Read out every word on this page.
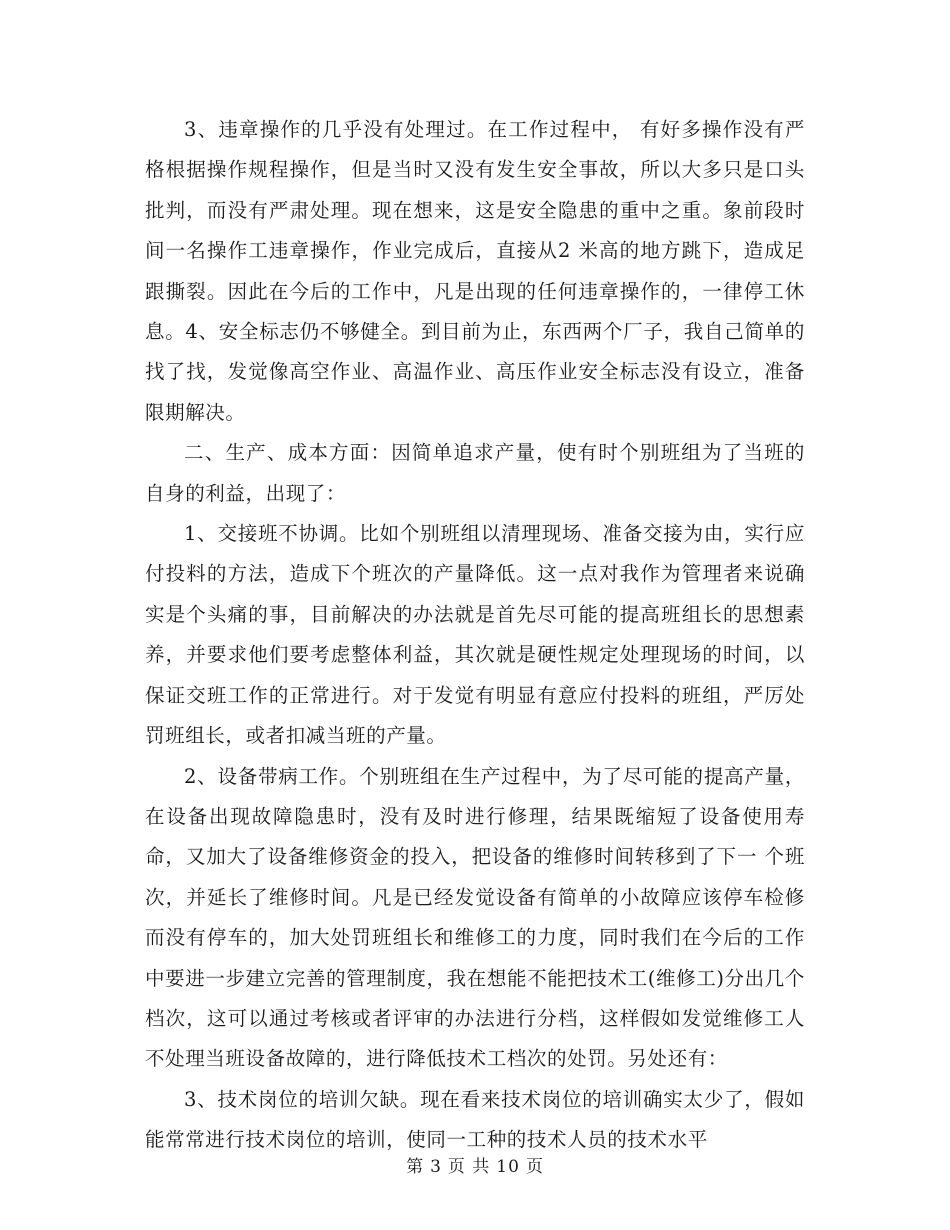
3、违章操作的几乎没有处理过。在工作过程中， 有好多操作没有严格根据操作规程操作，但是当时又没有发生安全事故，所以大多只是口头批判，而没有严肃处理。现在想来，这是安全隐患的重中之重。象前段时间一名操作工违章操作，作业完成后，直接从2 米高的地方跳下，造成足跟撕裂。因此在今后的工作中，凡是出现的任何违章操作的，一律停工休息。4、安全标志仍不够健全。到目前为止，东西两个厂子，我自己简单的找了找，发觉像高空作业、高温作业、高压作业安全标志没有设立，准备限期解决。

二、生产、成本方面：因简单追求产量，使有时个别班组为了当班的自身的利益，出现了：

1、交接班不协调。比如个别班组以清理现场、准备交接为由，实行应付投料的方法，造成下个班次的产量降低。这一点对我作为管理者来说确实是个头痛的事，目前解决的办法就是首先尽可能的提高班组长的思想素养，并要求他们要考虑整体利益，其次就是硬性规定处理现场的时间，以保证交班工作的正常进行。对于发觉有明显有意应付投料的班组，严厉处罚班组长，或者扣减当班的产量。

2、设备带病工作。个别班组在生产过程中，为了尽可能的提高产量，在设备出现故障隐患时，没有及时进行修理，结果既缩短了设备使用寿命，又加大了设备维修资金的投入，把设备的维修时间转移到了下一 个班次，并延长了维修时间。凡是已经发觉设备有简单的小故障应该停车检修而没有停车的，加大处罚班组长和维修工的力度，同时我们在今后的工作中要进一步建立完善的管理制度，我在想能不能把技术工(维修工)分出几个档次，这可以通过考核或者评审的办法进行分档，这样假如发觉维修工人不处理当班设备故障的，进行降低技术工档次的处罚。另处还有：

3、技术岗位的培训欠缺。现在看来技术岗位的培训确实太少了，假如能常常进行技术岗位的培训，使同一工种的技术人员的技术水平

第 3 页 共 10 页
